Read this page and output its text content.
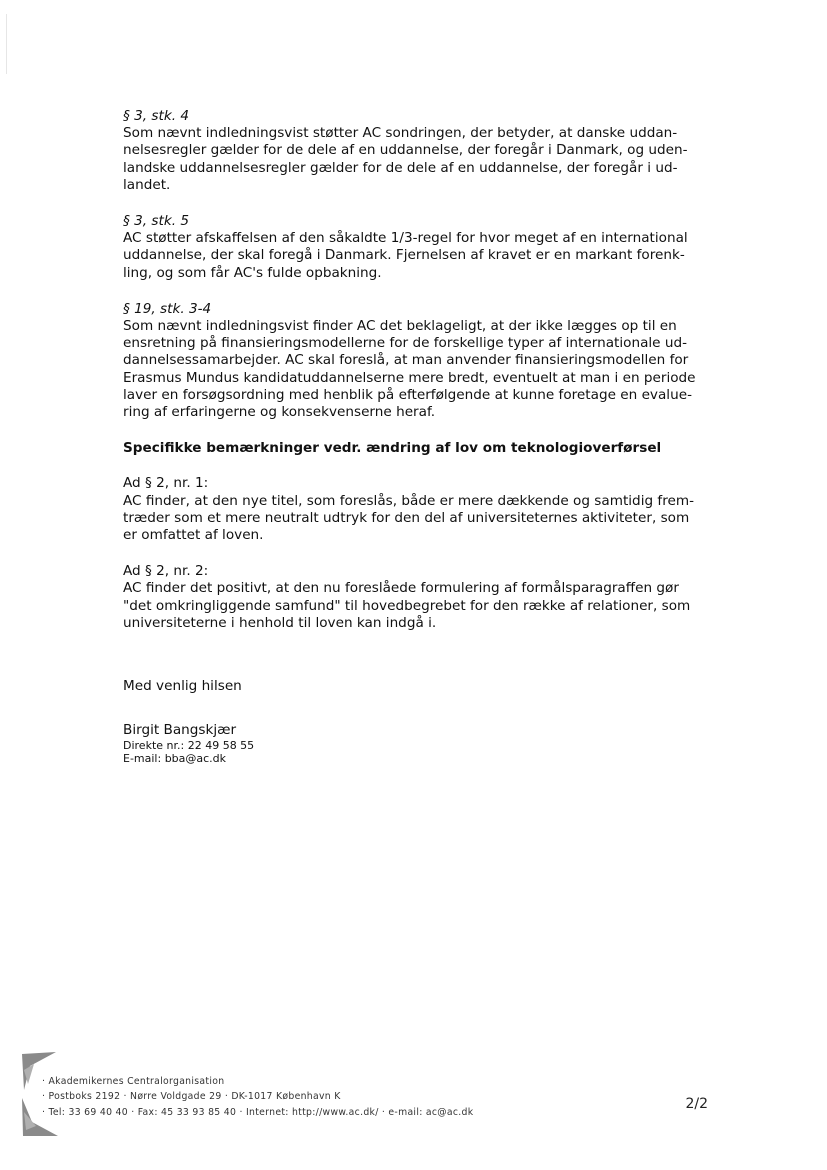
§ 3, stk. 4
Som nævnt indledningsvist støtter AC sondringen, der betyder, at danske uddan-
nelsesregler gælder for de dele af en uddannelse, der foregår i Danmark, og uden-
landske uddannelsesregler gælder for de dele af en uddannelse, der foregår i ud-
landet.
§ 3, stk. 5
AC støtter afskaffelsen af den såkaldte 1/3-regel for hvor meget af en international
uddannelse, der skal foregå i Danmark. Fjernelsen af kravet er en markant forenk-
ling, og som får AC's fulde opbakning.
§ 19, stk. 3-4
Som nævnt indledningsvist finder AC det beklageligt, at der ikke lægges op til en
ensretning på finansieringsmodellerne for de forskellige typer af internationale ud-
dannelsessamarbejder. AC skal foreslå, at man anvender finansieringsmodellen for
Erasmus Mundus kandidatuddannelserne mere bredt, eventuelt at man i en periode
laver en forsøgsordning med henblik på efterfølgende at kunne foretage en evalue-
ring af erfaringerne og konsekvenserne heraf.
Specifikke bemærkninger vedr. ændring af lov om teknologioverførsel
Ad § 2, nr. 1:
AC finder, at den nye titel, som foreslås, både er mere dækkende og samtidig frem-
træder som et mere neutralt udtryk for den del af universiteternes aktiviteter, som
er omfattet af loven.
Ad § 2, nr. 2:
AC finder det positivt, at den nu foreslåede formulering af formålsparagraffen gør
"det omkringliggende samfund" til hovedbegrebet for den række af relationer, som
universiteterne i henhold til loven kan indgå i.
Med venlig hilsen
Birgit Bangskjær
Direkte nr.: 22 49 58 55
E-mail: bba@ac.dk
· Akademikernes Centralorganisation
· Postboks 2192 · Nørre Voldgade 29 · DK-1017 København K
· Tel: 33 69 40 40 · Fax: 45 33 93 85 40 · Internet: http://www.ac.dk/ · e-mail: ac@ac.dk
2/2
